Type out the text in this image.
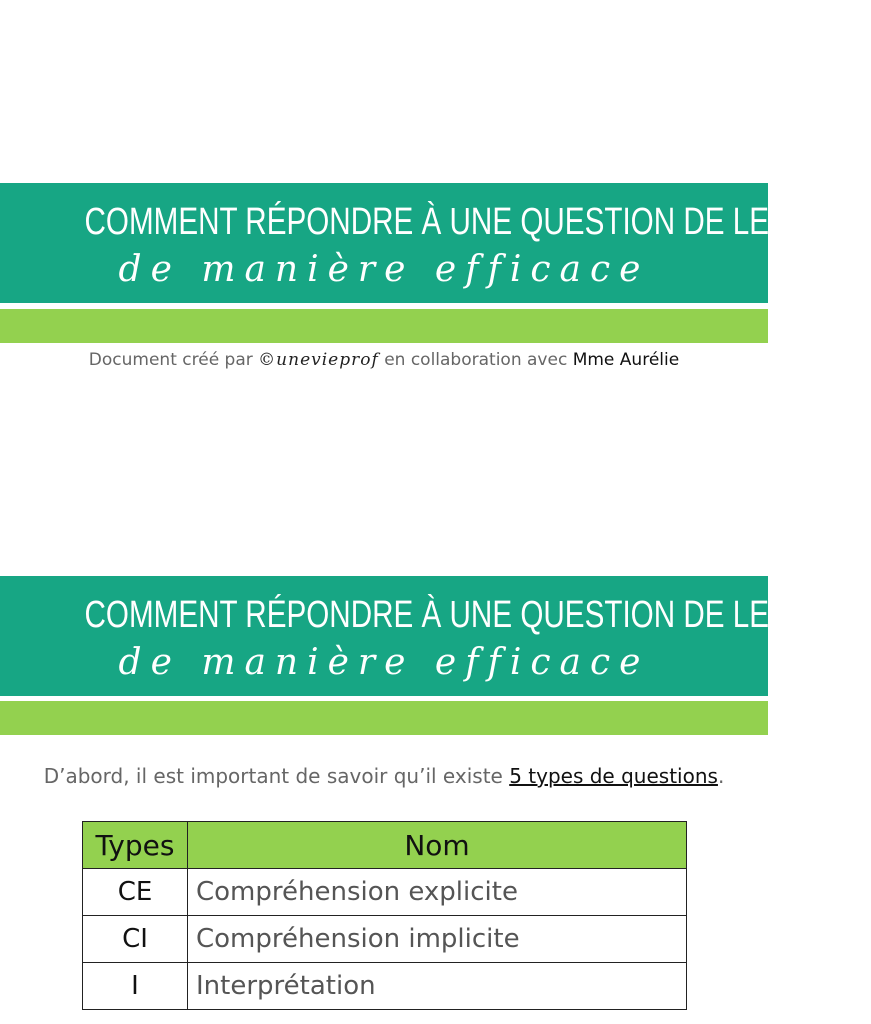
COMMENT RÉPONDRE À UNE QUESTION DE LECTURE
de manière efficace
Document créé par ©unevieprof en collaboration avec Mme Aurélie
COMMENT RÉPONDRE À UNE QUESTION DE LECTURE
de manière efficace
D’abord, il est important de savoir qu’il existe 5 types de questions.
Types	Nom
CE	Compréhension explicite
CI	Compréhension implicite
I	Interprétation
